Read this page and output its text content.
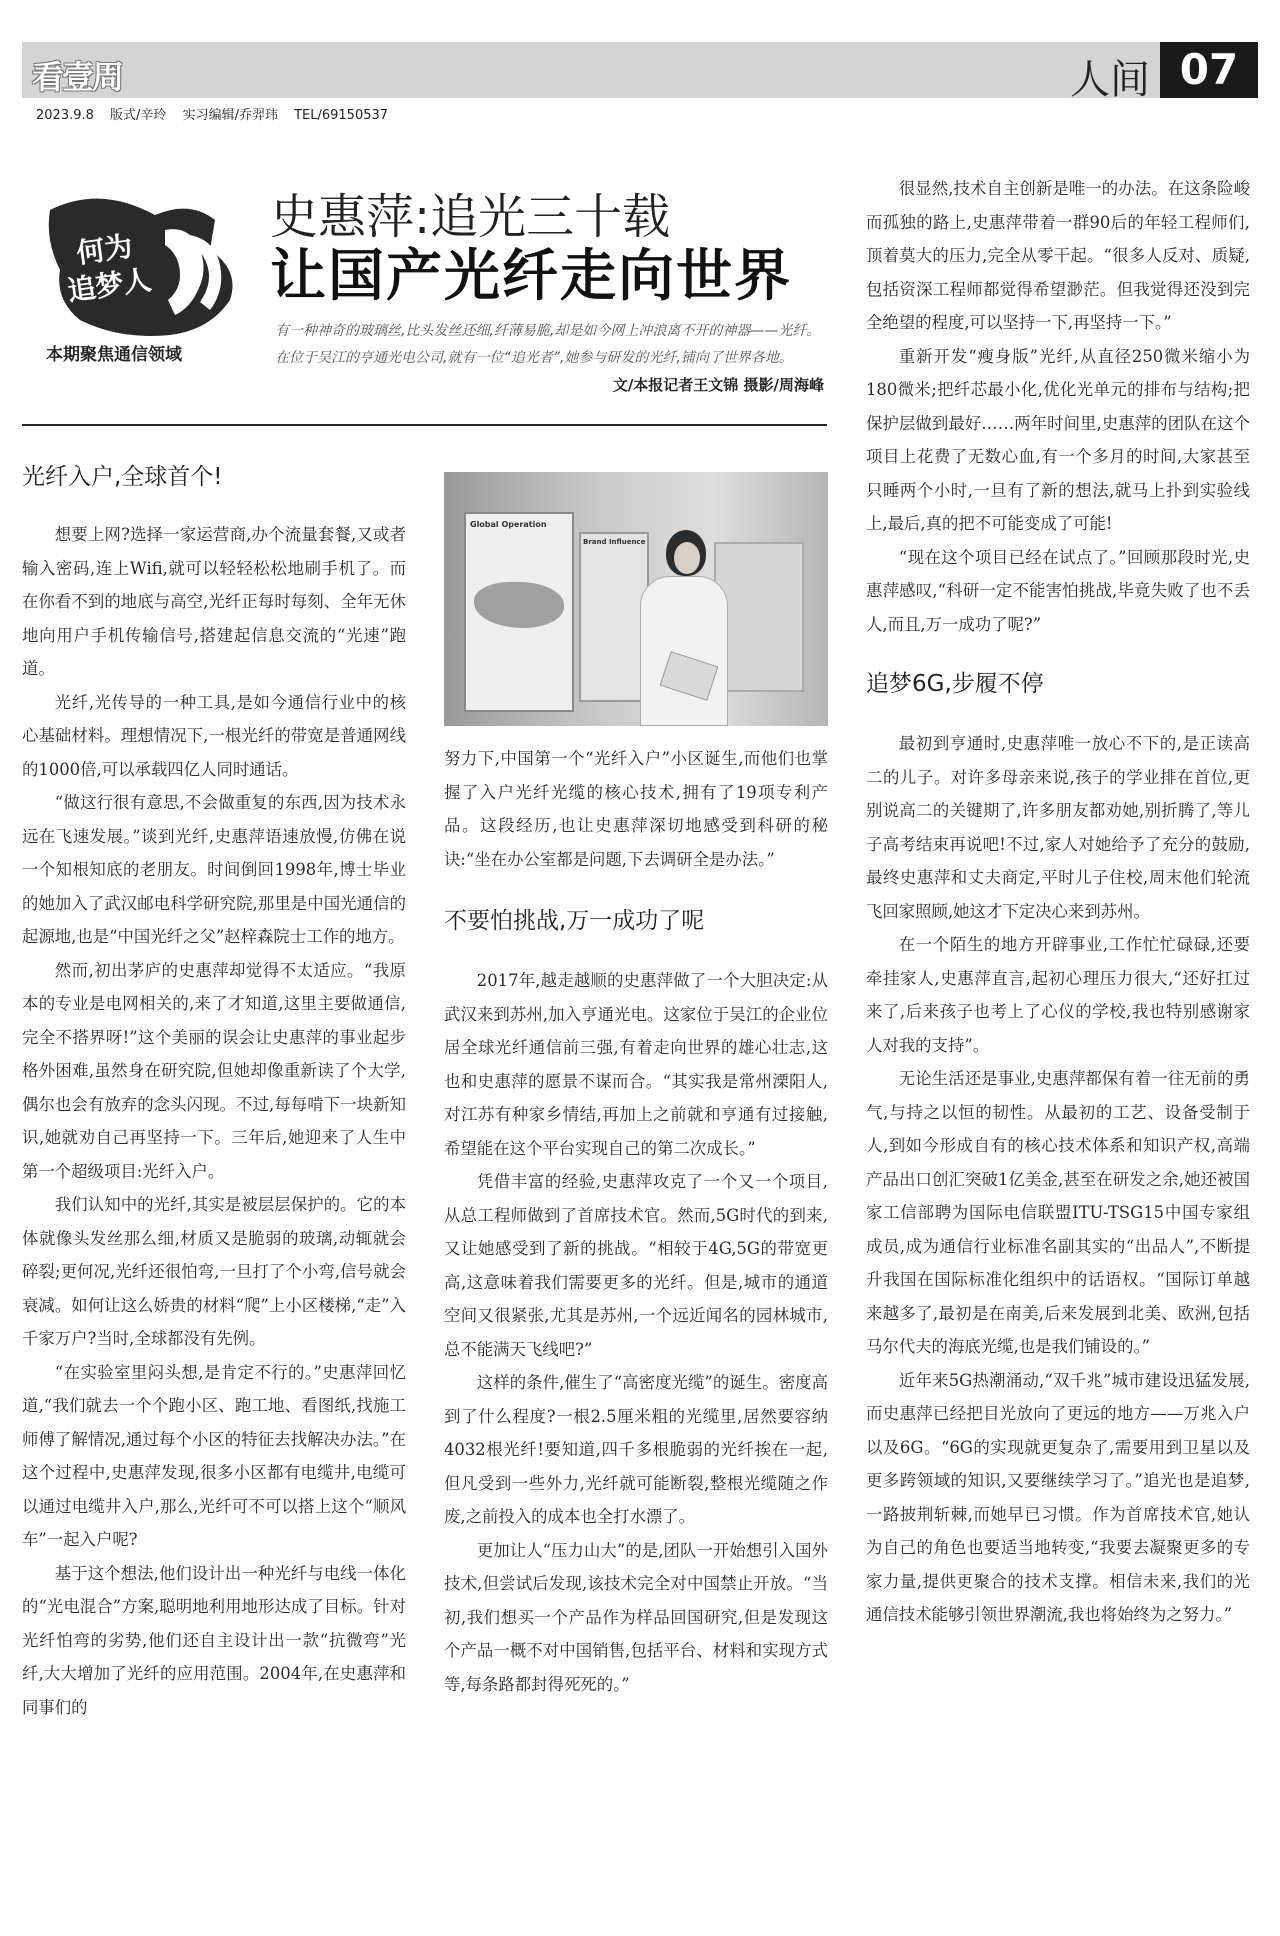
看壹周	人间 07
2023.9.8 版式/辛玲 实习编辑/乔羿玮 TEL/69150537
何为
追梦人
本期聚焦通信领域
史惠萍:追光三十载
让国产光纤走向世界
有一种神奇的玻璃丝,比头发丝还细,纤薄易脆,却是如今网上冲浪离不开的神器——光纤。在位于吴江的亨通光电公司,就有一位“追光者”,她参与研发的光纤,铺向了世界各地。
文/本报记者王文锦 摄影/周海峰
光纤入户,全球首个!

想要上网?选择一家运营商,办个流量套餐,又或者输入密码,连上Wifi,就可以轻轻松松地刷手机了。而在你看不到的地底与高空,光纤正每时每刻、全年无休地向用户手机传输信号,搭建起信息交流的“光速”跑道。

光纤,光传导的一种工具,是如今通信行业中的核心基础材料。理想情况下,一根光纤的带宽是普通网线的1000倍,可以承载四亿人同时通话。

“做这行很有意思,不会做重复的东西,因为技术永远在飞速发展。”谈到光纤,史惠萍语速放慢,仿佛在说一个知根知底的老朋友。时间倒回1998年,博士毕业的她加入了武汉邮电科学研究院,那里是中国光通信的起源地,也是“中国光纤之父”赵梓森院士工作的地方。

然而,初出茅庐的史惠萍却觉得不太适应。“我原本的专业是电网相关的,来了才知道,这里主要做通信,完全不搭界呀!”这个美丽的误会让史惠萍的事业起步格外困难,虽然身在研究院,但她却像重新读了个大学,偶尔也会有放弃的念头闪现。不过,每每啃下一块新知识,她就劝自己再坚持一下。三年后,她迎来了人生中第一个超级项目:光纤入户。

我们认知中的光纤,其实是被层层保护的。它的本体就像头发丝那么细,材质又是脆弱的玻璃,动辄就会碎裂;更何况,光纤还很怕弯,一旦打了个小弯,信号就会衰减。如何让这么娇贵的材料“爬”上小区楼梯,“走”入千家万户?当时,全球都没有先例。

“在实验室里闷头想,是肯定不行的。”史惠萍回忆道,“我们就去一个个跑小区、跑工地、看图纸,找施工师傅了解情况,通过每个小区的特征去找解决办法。”在这个过程中,史惠萍发现,很多小区都有电缆井,电缆可以通过电缆井入户,那么,光纤可不可以搭上这个“顺风车”一起入户呢?

基于这个想法,他们设计出一种光纤与电线一体化的“光电混合”方案,聪明地利用地形达成了目标。针对光纤怕弯的劣势,他们还自主设计出一款“抗微弯”光纤,大大增加了光纤的应用范围。2004年,在史惠萍和同事们的

Global Operation
Brand Influence

努力下,中国第一个“光纤入户”小区诞生,而他们也掌握了入户光纤光缆的核心技术,拥有了19项专利产品。这段经历,也让史惠萍深切地感受到科研的秘诀:“坐在办公室都是问题,下去调研全是办法。”

不要怕挑战,万一成功了呢

2017年,越走越顺的史惠萍做了一个大胆决定:从武汉来到苏州,加入亨通光电。这家位于吴江的企业位居全球光纤通信前三强,有着走向世界的雄心壮志,这也和史惠萍的愿景不谋而合。“其实我是常州溧阳人,对江苏有种家乡情结,再加上之前就和亨通有过接触,希望能在这个平台实现自己的第二次成长。”

凭借丰富的经验,史惠萍攻克了一个又一个项目,从总工程师做到了首席技术官。然而,5G时代的到来,又让她感受到了新的挑战。“相较于4G,5G的带宽更高,这意味着我们需要更多的光纤。但是,城市的通道空间又很紧张,尤其是苏州,一个远近闻名的园林城市,总不能满天飞线吧?”

这样的条件,催生了“高密度光缆”的诞生。密度高到了什么程度?一根2.5厘米粗的光缆里,居然要容纳4032根光纤!要知道,四千多根脆弱的光纤挨在一起,但凡受到一些外力,光纤就可能断裂,整根光缆随之作废,之前投入的成本也全打水漂了。

更加让人“压力山大”的是,团队一开始想引入国外技术,但尝试后发现,该技术完全对中国禁止开放。“当初,我们想买一个产品作为样品回国研究,但是发现这个产品一概不对中国销售,包括平台、材料和实现方式等,每条路都封得死死的。”

很显然,技术自主创新是唯一的办法。在这条险峻而孤独的路上,史惠萍带着一群90后的年轻工程师们,顶着莫大的压力,完全从零干起。“很多人反对、质疑,包括资深工程师都觉得希望渺茫。但我觉得还没到完全绝望的程度,可以坚持一下,再坚持一下。”

重新开发“瘦身版”光纤,从直径250微米缩小为180微米;把纤芯最小化,优化光单元的排布与结构;把保护层做到最好……两年时间里,史惠萍的团队在这个项目上花费了无数心血,有一个多月的时间,大家甚至只睡两个小时,一旦有了新的想法,就马上扑到实验线上,最后,真的把不可能变成了可能!

“现在这个项目已经在试点了。”回顾那段时光,史惠萍感叹,“科研一定不能害怕挑战,毕竟失败了也不丢人,而且,万一成功了呢?”

追梦6G,步履不停

最初到亨通时,史惠萍唯一放心不下的,是正读高二的儿子。对许多母亲来说,孩子的学业排在首位,更别说高二的关键期了,许多朋友都劝她,别折腾了,等儿子高考结束再说吧!不过,家人对她给予了充分的鼓励,最终史惠萍和丈夫商定,平时儿子住校,周末他们轮流飞回家照顾,她这才下定决心来到苏州。

在一个陌生的地方开辟事业,工作忙忙碌碌,还要牵挂家人,史惠萍直言,起初心理压力很大,“还好扛过来了,后来孩子也考上了心仪的学校,我也特别感谢家人对我的支持”。

无论生活还是事业,史惠萍都保有着一往无前的勇气,与持之以恒的韧性。从最初的工艺、设备受制于人,到如今形成自有的核心技术体系和知识产权,高端产品出口创汇突破1亿美金,甚至在研发之余,她还被国家工信部聘为国际电信联盟ITU-TSG15中国专家组成员,成为通信行业标准名副其实的“出品人”,不断提升我国在国际标准化组织中的话语权。“国际订单越来越多了,最初是在南美,后来发展到北美、欧洲,包括马尔代夫的海底光缆,也是我们铺设的。”

近年来5G热潮涌动,“双千兆”城市建设迅猛发展,而史惠萍已经把目光放向了更远的地方——万兆入户以及6G。“6G的实现就更复杂了,需要用到卫星以及更多跨领域的知识,又要继续学习了。”追光也是追梦,一路披荆斩棘,而她早已习惯。作为首席技术官,她认为自己的角色也要适当地转变,“我要去凝聚更多的专家力量,提供更聚合的技术支撑。相信未来,我们的光通信技术能够引领世界潮流,我也将始终为之努力。”
